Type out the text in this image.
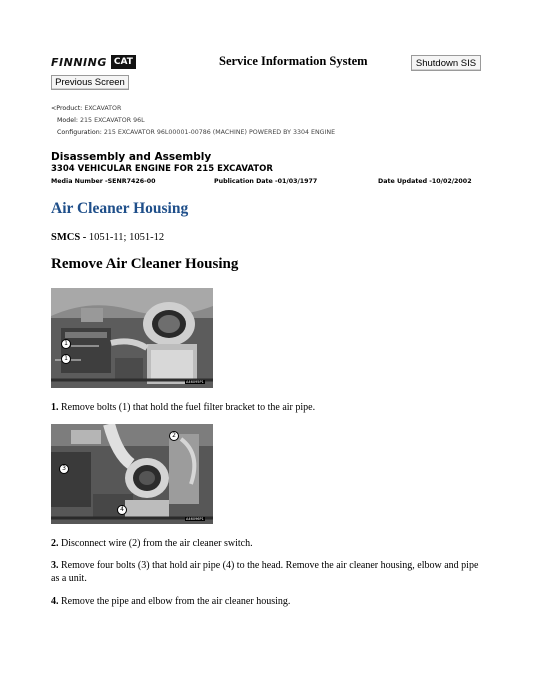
FINNING CAT	Service Information System	Shutdown SIS
Previous Screen
<Product: EXCAVATOR
Model: 215 EXCAVATOR 96L
Configuration: 215 EXCAVATOR 96L00001-00786 (MACHINE) POWERED BY 3304 ENGINE
Disassembly and Assembly
3304 VEHICULAR ENGINE FOR 215 EXCAVATOR
Media Number -SENR7426-00	Publication Date -01/03/1977	Date Updated -10/02/2002
Air Cleaner Housing
SMCS - 1051-11; 1051-12
Remove Air Cleaner Housing
1
1
A46095P1
1. Remove bolts (1) that hold the fuel filter bracket to the air pipe.
2
3
4
A46096P1
2. Disconnect wire (2) from the air cleaner switch.
3. Remove four bolts (3) that hold air pipe (4) to the head. Remove the air cleaner housing, elbow and pipe as a unit.
4. Remove the pipe and elbow from the air cleaner housing.
